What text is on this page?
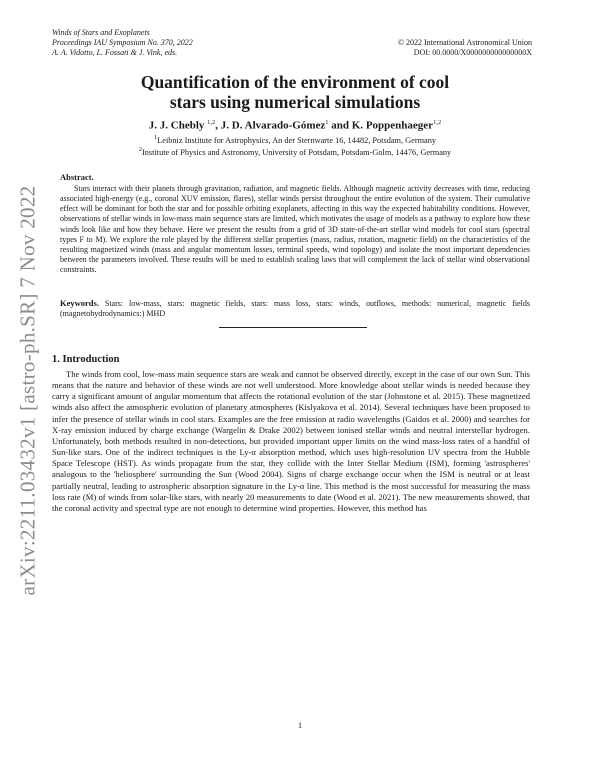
arXiv:2211.03432v1 [astro-ph.SR] 7 Nov 2022
Winds of Stars and Exoplanets
Proceedings IAU Symposium No. 370, 2022
A. A. Vidotto, L. Fossati & J. Vink, eds.
© 2022 International Astronomical Union
DOI: 00.0000/X000000000000000X
Quantification of the environment of cool
stars using numerical simulations
J. J. Chebly $^{1,2}$, J. D. Alvarado-Gómez$^1$ and K. Poppenhaeger$^{1,2}$
$^1$Leibniz Institute for Astrophysics, An der Sternwarte 16, 14482, Potsdam, Germany
$^2$Institute of Physics and Astronomy, University of Potsdam, Potsdam-Golm, 14476, Germany
Abstract.

Stars interact with their planets through gravitation, radiation, and magnetic fields. Although magnetic activity decreases with time, reducing associated high-energy (e.g., coronal XUV emission, flares), stellar winds persist throughout the entire evolution of the system. Their cumulative effect will be dominant for both the star and for possible orbiting exoplanets, affecting in this way the expected habitability conditions. However, observations of stellar winds in low-mass main sequence stars are limited, which motivates the usage of models as a pathway to explore how these winds look like and how they behave. Here we present the results from a grid of 3D state-of-the-art stellar wind models for cool stars (spectral types F to M). We explore the role played by the different stellar properties (mass, radius, rotation, magnetic field) on the characteristics of the resulting magnetized winds (mass and angular momentum losses, terminal speeds, wind topology) and isolate the most important dependencies between the parameters involved. These results will be used to establish scaling laws that will complement the lack of stellar wind observational constraints.

Keywords. Stars: low-mass, stars: magnetic fields, stars: mass loss, stars: winds, outflows, methods: numerical, magnetic fields (magnetohydrodynamics:) MHD

1. Introduction

The winds from cool, low-mass main sequence stars are weak and cannot be observed directly, except in the case of our own Sun. This means that the nature and behavior of these winds are not well understood. More knowledge about stellar winds is needed because they carry a significant amount of angular momentum that affects the rotational evolution of the star (Johnstone et al. 2015). These magnetized winds also affect the atmospheric evolution of planetary atmospheres (Kislyakova et al. 2014). Several techniques have been proposed to infer the presence of stellar winds in cool stars. Examples are the free emission at radio wavelengths (Gaidos et al. 2000) and searches for X-ray emission induced by charge exchange (Wargelin & Drake 2002) between ionised stellar winds and neutral interstellar hydrogen. Unfortunately, both methods resulted in non-detections, but provided important upper limits on the wind mass-loss rates of a handful of Sun-like stars. One of the indirect techniques is the Ly-α absorption method, which uses high-resolution UV spectra from the Hubble Space Telescope (HST). As winds propagate from the star, they collide with the Inter Stellar Medium (ISM), forming 'astrospheres' analogous to the 'heliosphere' surrounding the Sun (Wood 2004). Signs of charge exchange occur when the ISM is neutral or at least partially neutral, leading to astrospheric absorption signature in the Ly-α line. This method is the most successful for measuring the mass loss rate (Ṁ) of winds from solar-like stars, with nearly 20 measurements to date (Wood et al. 2021). The new measurements showed, that the coronal activity and spectral type are not enough to determine wind properties. However, this method has

1
